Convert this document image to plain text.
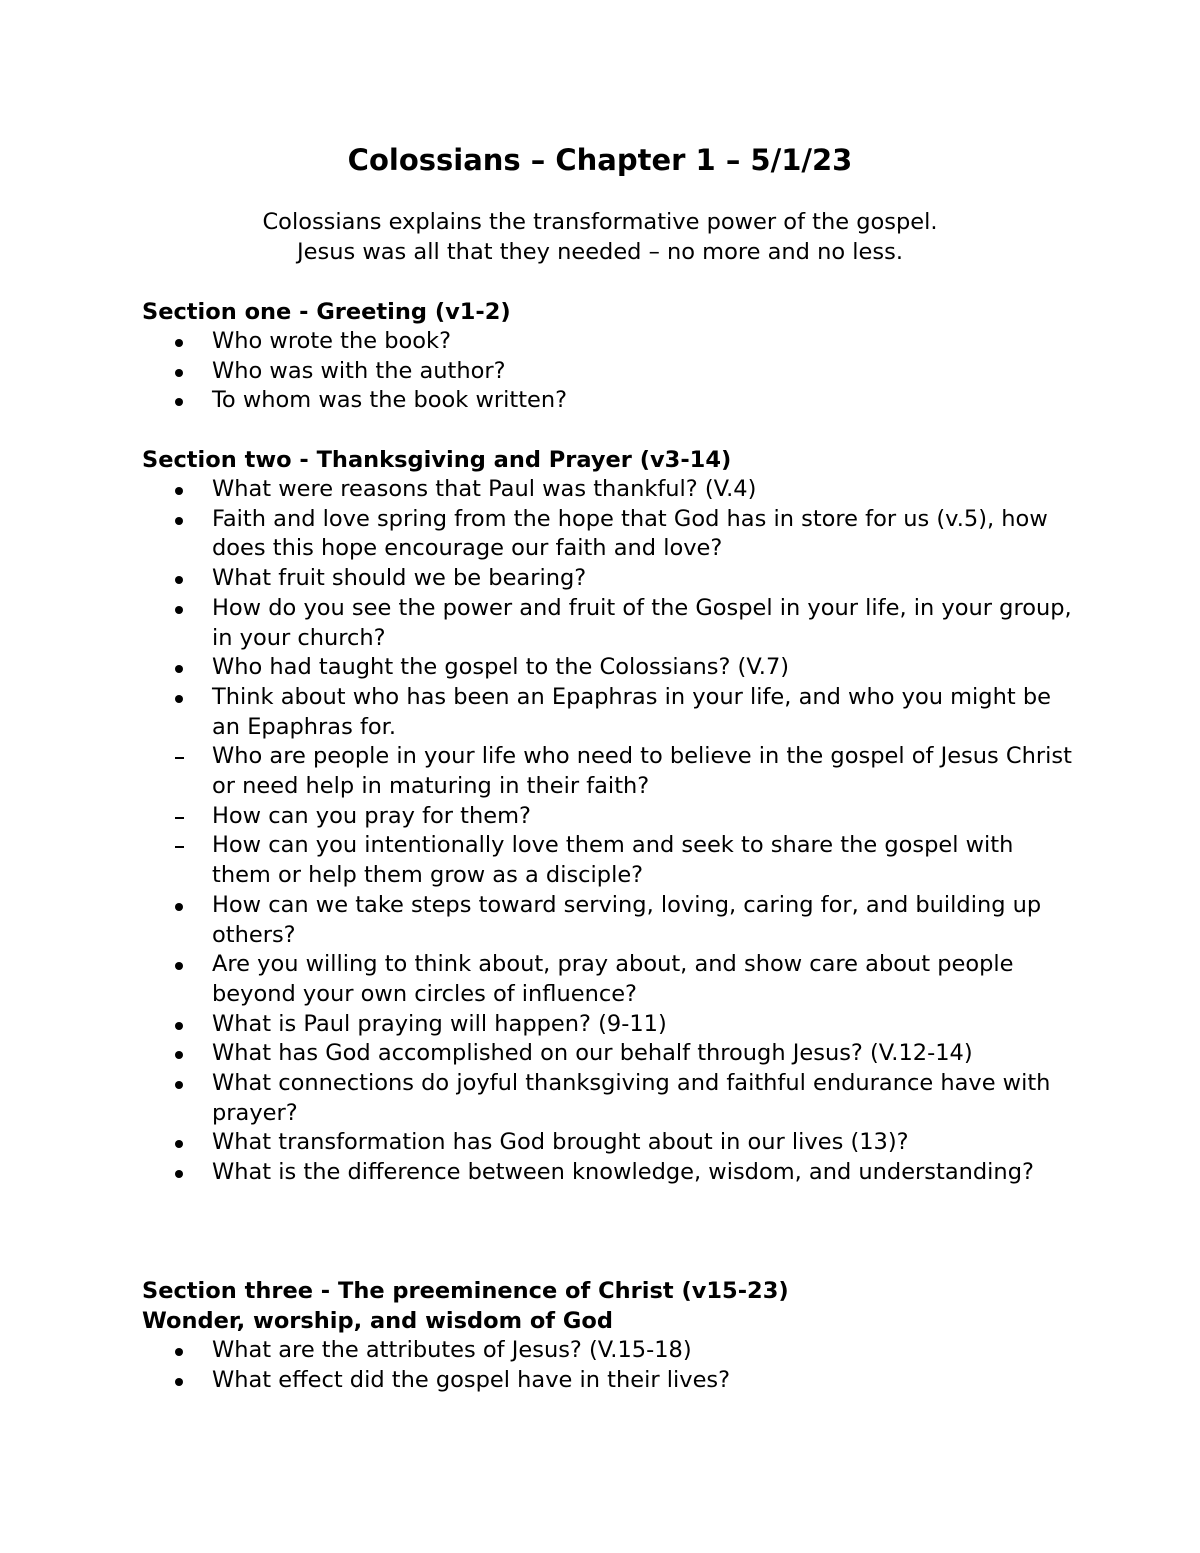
Colossians – Chapter 1 – 5/1/23
Colossians explains the transformative power of the gospel.
Jesus was all that they needed – no more and no less.
Section one - Greeting (v1-2)
Who wrote the book?
Who was with the author?
To whom was the book written?
Section two - Thanksgiving and Prayer (v3-14)
What were reasons that Paul was thankful? (V.4)
Faith and love spring from the hope that God has in store for us (v.5), how does this hope encourage our faith and love?
What fruit should we be bearing?
How do you see the power and fruit of the Gospel in your life, in your group, in your church?
Who had taught the gospel to the Colossians? (V.7)
Think about who has been an Epaphras in your life, and who you might be an Epaphras for.
Who are people in your life who need to believe in the gospel of Jesus Christ or need help in maturing in their faith?
How can you pray for them?
How can you intentionally love them and seek to share the gospel with them or help them grow as a disciple?
How can we take steps toward serving, loving, caring for, and building up others?
Are you willing to think about, pray about, and show care about people beyond your own circles of influence?
What is Paul praying will happen? (9-11)
What has God accomplished on our behalf through Jesus? (V.12-14)
What connections do joyful thanksgiving and faithful endurance have with prayer?
What transformation has God brought about in our lives (13)?
What is the difference between knowledge, wisdom, and understanding?
Section three - The preeminence of Christ (v15-23)
Wonder, worship, and wisdom of God
What are the attributes of Jesus? (V.15-18)
What effect did the gospel have in their lives?
